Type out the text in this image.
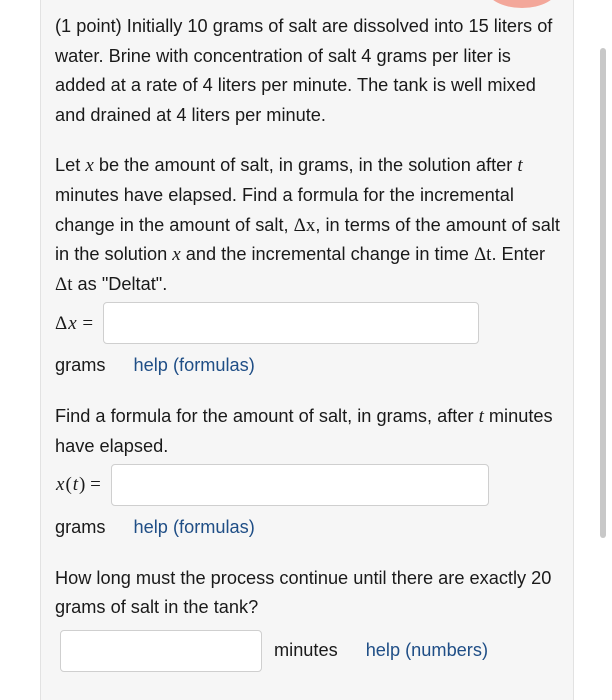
(1 point) Initially 10 grams of salt are dissolved into 15 liters of water. Brine with concentration of salt 4 grams per liter is added at a rate of 4 liters per minute. The tank is well mixed and drained at 4 liters per minute.

Let x be the amount of salt, in grams, in the solution after t minutes have elapsed. Find a formula for the incremental change in the amount of salt, Δx, in terms of the amount of salt in the solution x and the incremental change in time Δt. Enter Δt as "Deltat".

Δx =
grams help (formulas)

Find a formula for the amount of salt, in grams, after t minutes have elapsed.

x(t) =
grams help (formulas)

How long must the process continue until there are exactly 20 grams of salt in the tank?

minutes help (numbers)
